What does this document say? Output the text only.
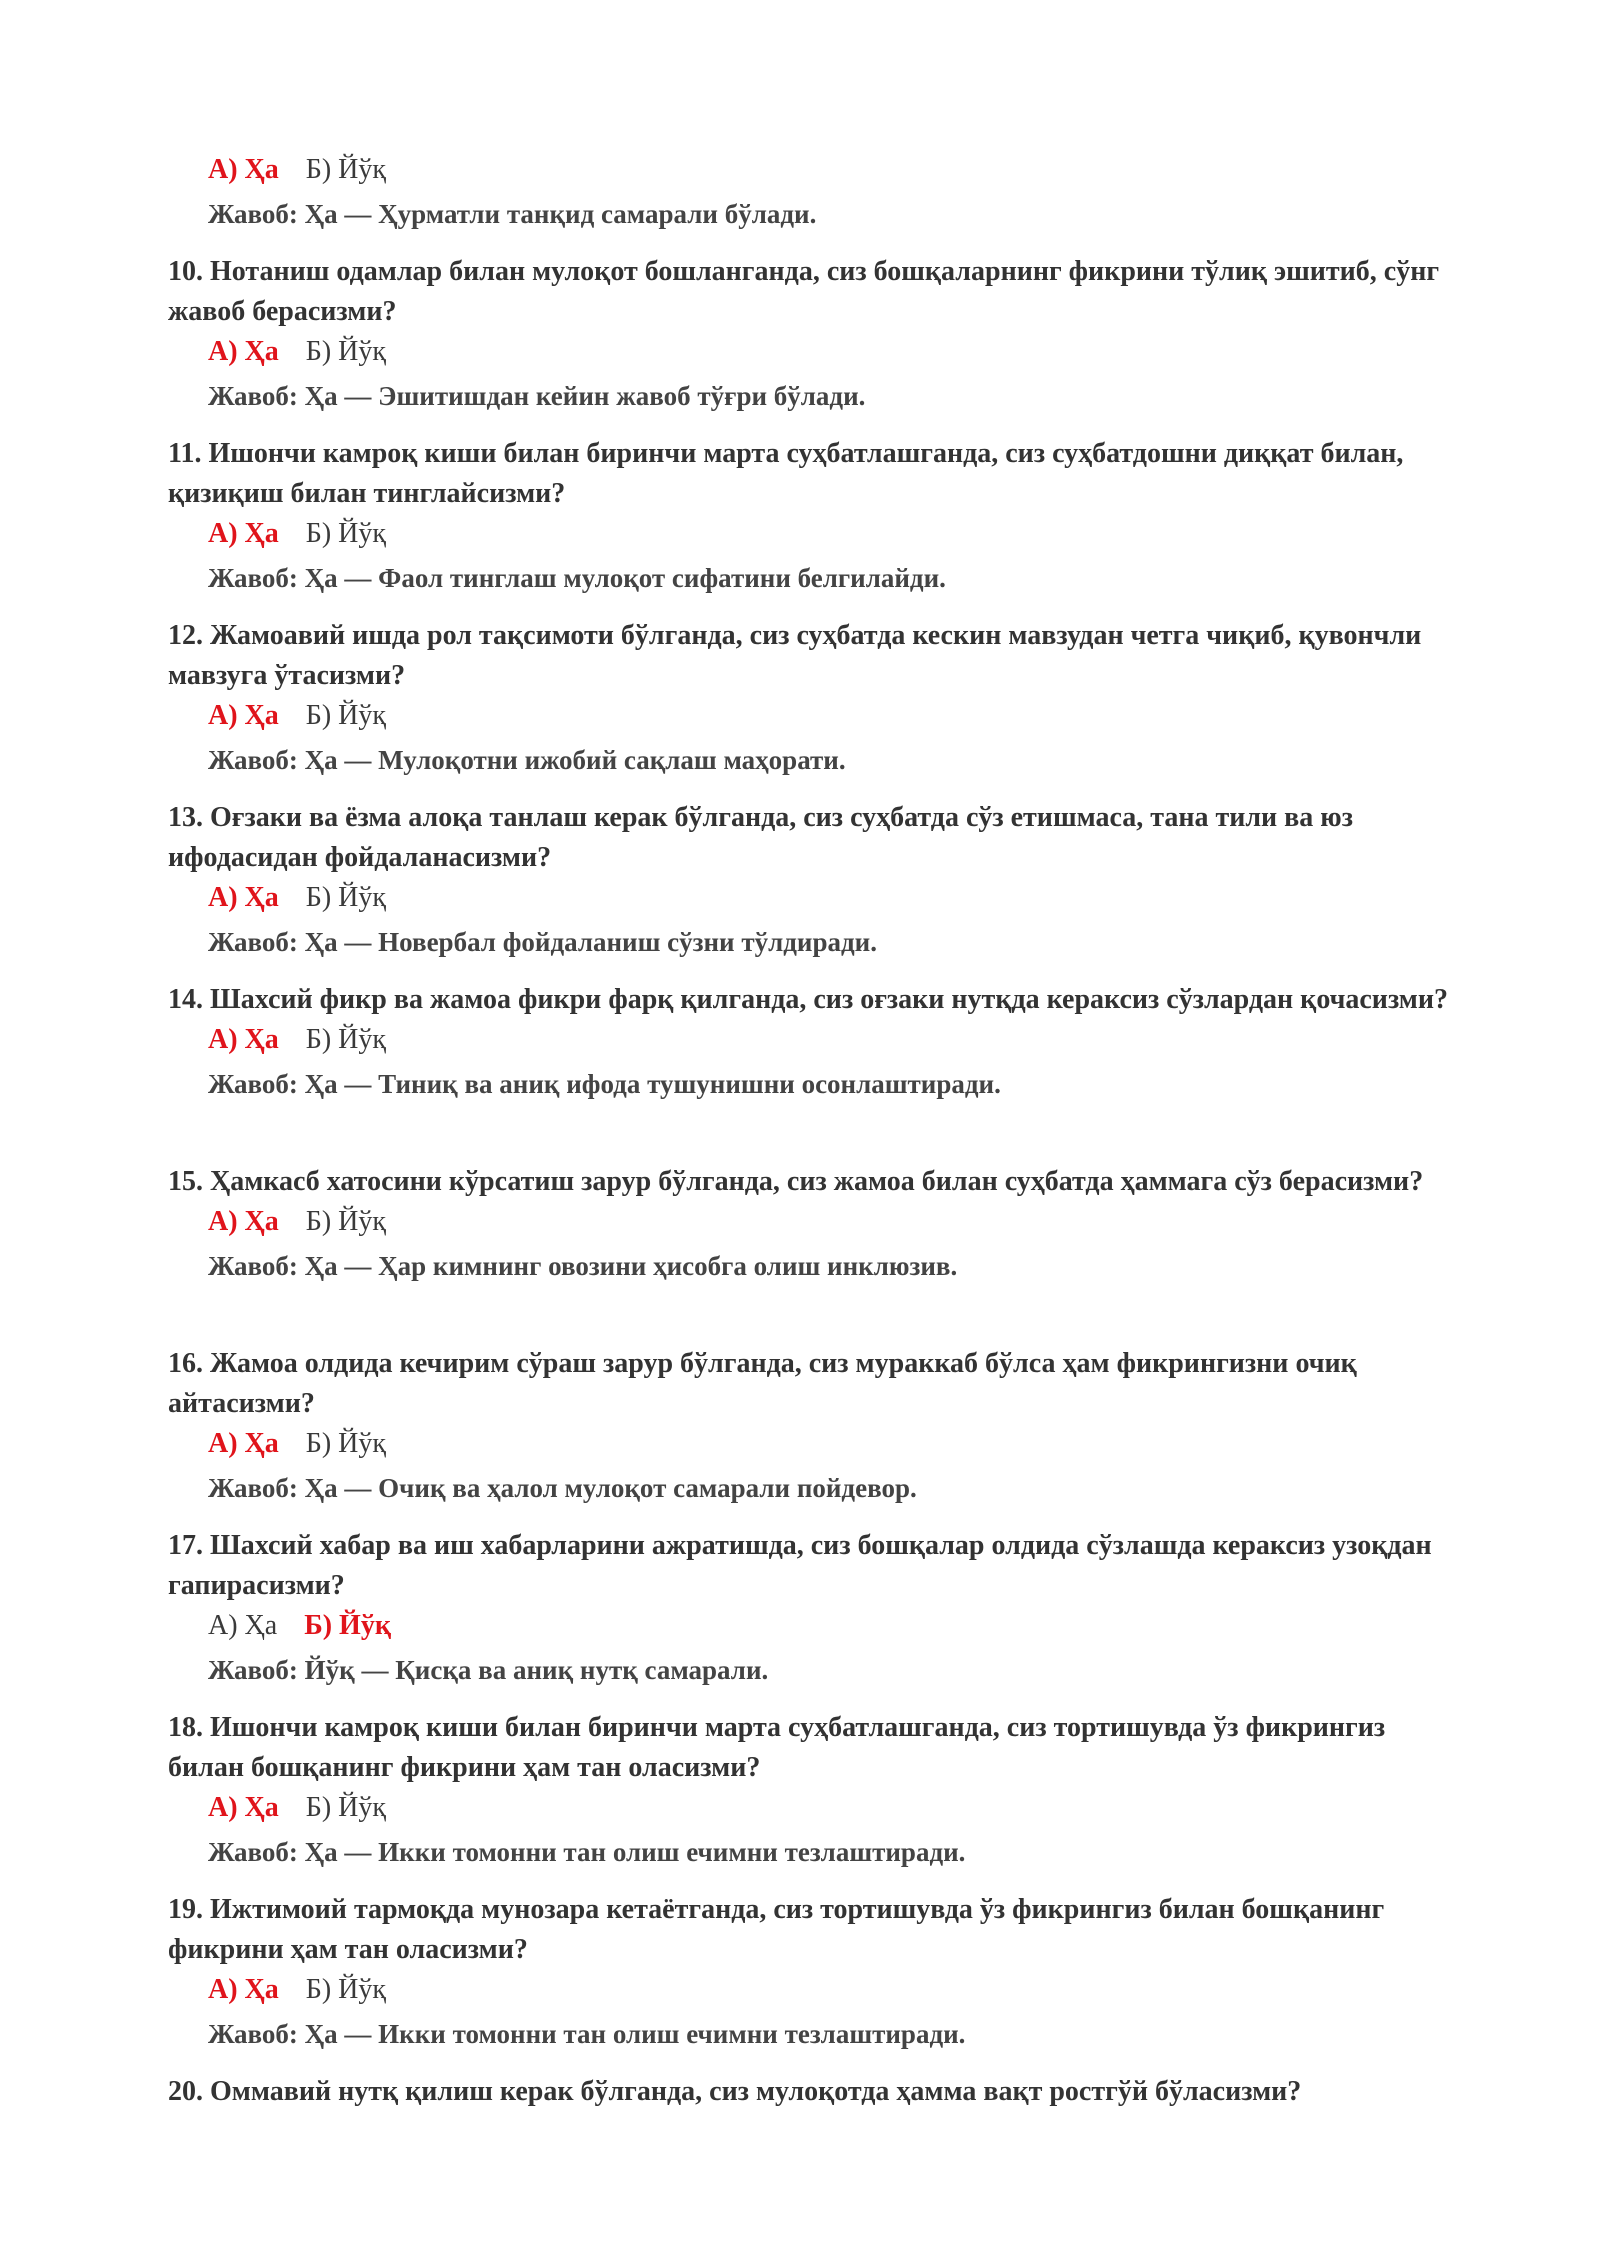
А) Ҳа Б) Йўқ
Жавоб: Ҳа — Ҳурматли танқид самарали бўлади.

10. Нотаниш одамлар билан мулоқот бошланганда, сиз бошқаларнинг фикрини тўлиқ эшитиб, сўнг жавоб берасизми?

А) Ҳа Б) Йўқ
Жавоб: Ҳа — Эшитишдан кейин жавоб тўғри бўлади.

11. Ишончи камроқ киши билан биринчи марта суҳбатлашганда, сиз суҳбатдошни диққат билан, қизиқиш билан тинглайсизми?

А) Ҳа Б) Йўқ
Жавоб: Ҳа — Фаол тинглаш мулоқот сифатини белгилайди.

12. Жамоавий ишда рол тақсимоти бўлганда, сиз суҳбатда кескин мавзудан четга чиқиб, қувончли мавзуга ўтасизми?

А) Ҳа Б) Йўқ
Жавоб: Ҳа — Мулоқотни ижобий сақлаш маҳорати.

13. Оғзаки ва ёзма алоқа танлаш керак бўлганда, сиз суҳбатда сўз етишмаса, тана тили ва юз ифодасидан фойдаланасизми?

А) Ҳа Б) Йўқ
Жавоб: Ҳа — Новербал фойдаланиш сўзни тўлдиради.

14. Шахсий фикр ва жамоа фикри фарқ қилганда, сиз оғзаки нутқда кераксиз сўзлардан қочасизми?

А) Ҳа Б) Йўқ
Жавоб: Ҳа — Тиниқ ва аниқ ифода тушунишни осонлаштиради.

15. Ҳамкасб хатосини кўрсатиш зарур бўлганда, сиз жамоа билан суҳбатда ҳаммага сўз берасизми?

А) Ҳа Б) Йўқ
Жавоб: Ҳа — Ҳар кимнинг овозини ҳисобга олиш инклюзив.

16. Жамоа олдида кечирим сўраш зарур бўлганда, сиз мураккаб бўлса ҳам фикрингизни очиқ айтасизми?

А) Ҳа Б) Йўқ
Жавоб: Ҳа — Очиқ ва ҳалол мулоқот самарали пойдевор.

17. Шахсий хабар ва иш хабарларини ажратишда, сиз бошқалар олдида сўзлашда кераксиз узоқдан гапирасизми?

А) Ҳа Б) Йўқ
Жавоб: Йўқ — Қисқа ва аниқ нутқ самарали.

18. Ишончи камроқ киши билан биринчи марта суҳбатлашганда, сиз тортишувда ўз фикрингиз билан бошқанинг фикрини ҳам тан оласизми?

А) Ҳа Б) Йўқ
Жавоб: Ҳа — Икки томонни тан олиш ечимни тезлаштиради.

19. Ижтимоий тармоқда мунозара кетаётганда, сиз тортишувда ўз фикрингиз билан бошқанинг фикрини ҳам тан оласизми?

А) Ҳа Б) Йўқ
Жавоб: Ҳа — Икки томонни тан олиш ечимни тезлаштиради.

20. Оммавий нутқ қилиш керак бўлганда, сиз мулоқотда ҳамма вақт ростгўй бўласизми?
